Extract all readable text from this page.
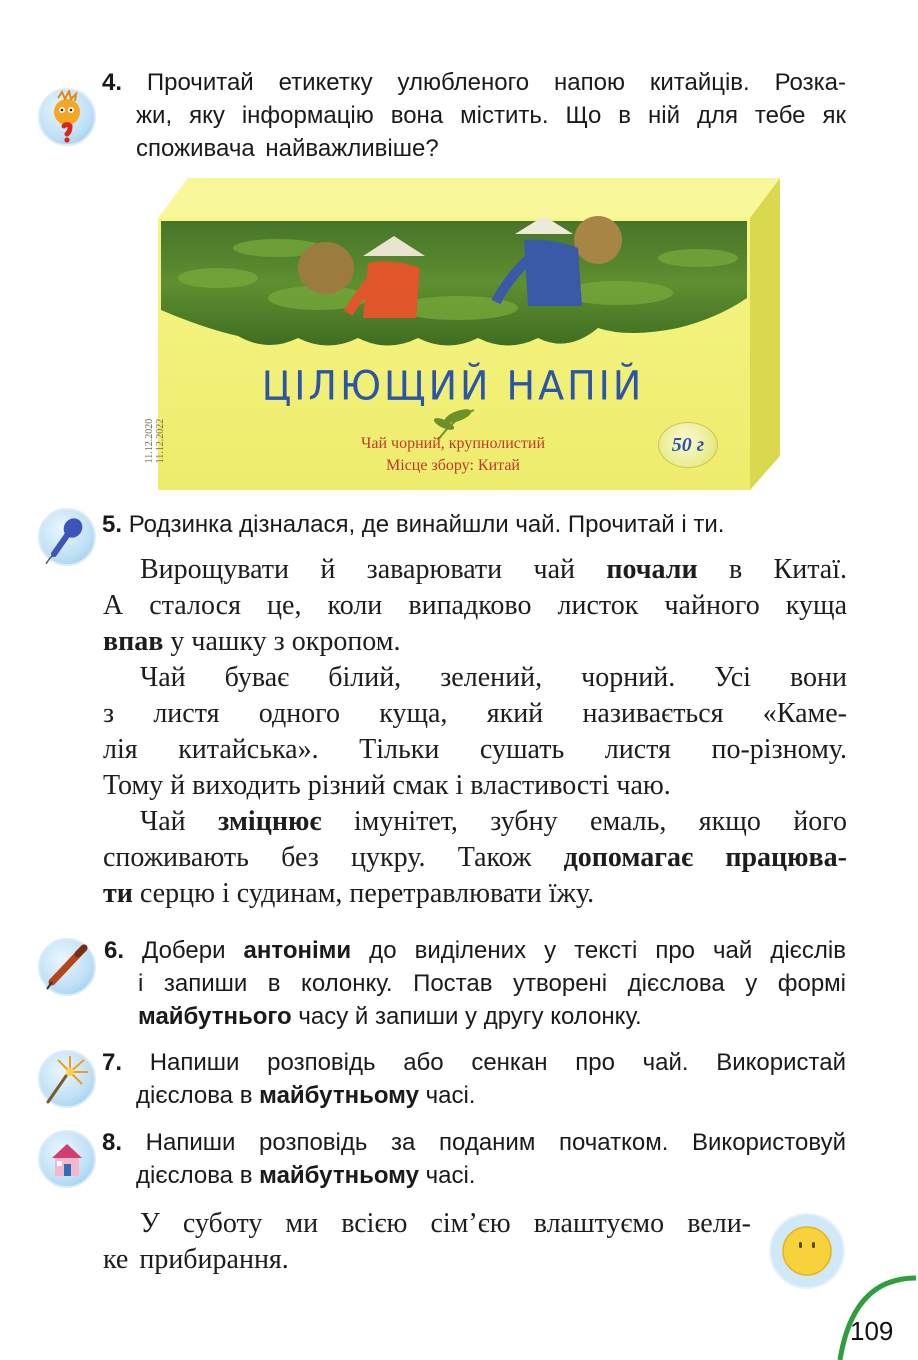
4. Прочитай етикетку улюбленого напою китайців. Розка-
жи, яку інформацію вона містить. Що в ній для тебе як
споживача найважливіше?
ЦІЛЮЩИЙ НАПІЙ
Чай чорний, крупнолистий
Місце збору: Китай
11.12.2020 11.12.2022	50 г
5. Родзинка дізналася, де винайшли чай. Прочитай і ти.
Вирощувати й заварювати чай почали в Китаї.
А сталося це, коли випадково листок чайного куща
впав у чашку з окропом.
Чай буває білий, зелений, чорний. Усі вони
з листя одного куща, який називається «Каме-
лія китайська». Тільки сушать листя по-різному.
Тому й виходить різний смак і властивості чаю.
Чай зміцнює імунітет, зубну емаль, якщо його
споживають без цукру. Також допомагає працюва-
ти серцю і судинам, перетравлювати їжу.
6. Добери антоніми до виділених у тексті про чай дієслів
і запиши в колонку. Постав утворені дієслова у формі
майбутнього часу й запиши у другу колонку.
7. Напиши розповідь або сенкан про чай. Використай
дієслова в майбутньому часі.
8. Напиши розповідь за поданим початком. Використовуй
дієслова в майбутньому часі.
У суботу ми всією сім’єю влаштуємо вели-
ке прибирання.
109
